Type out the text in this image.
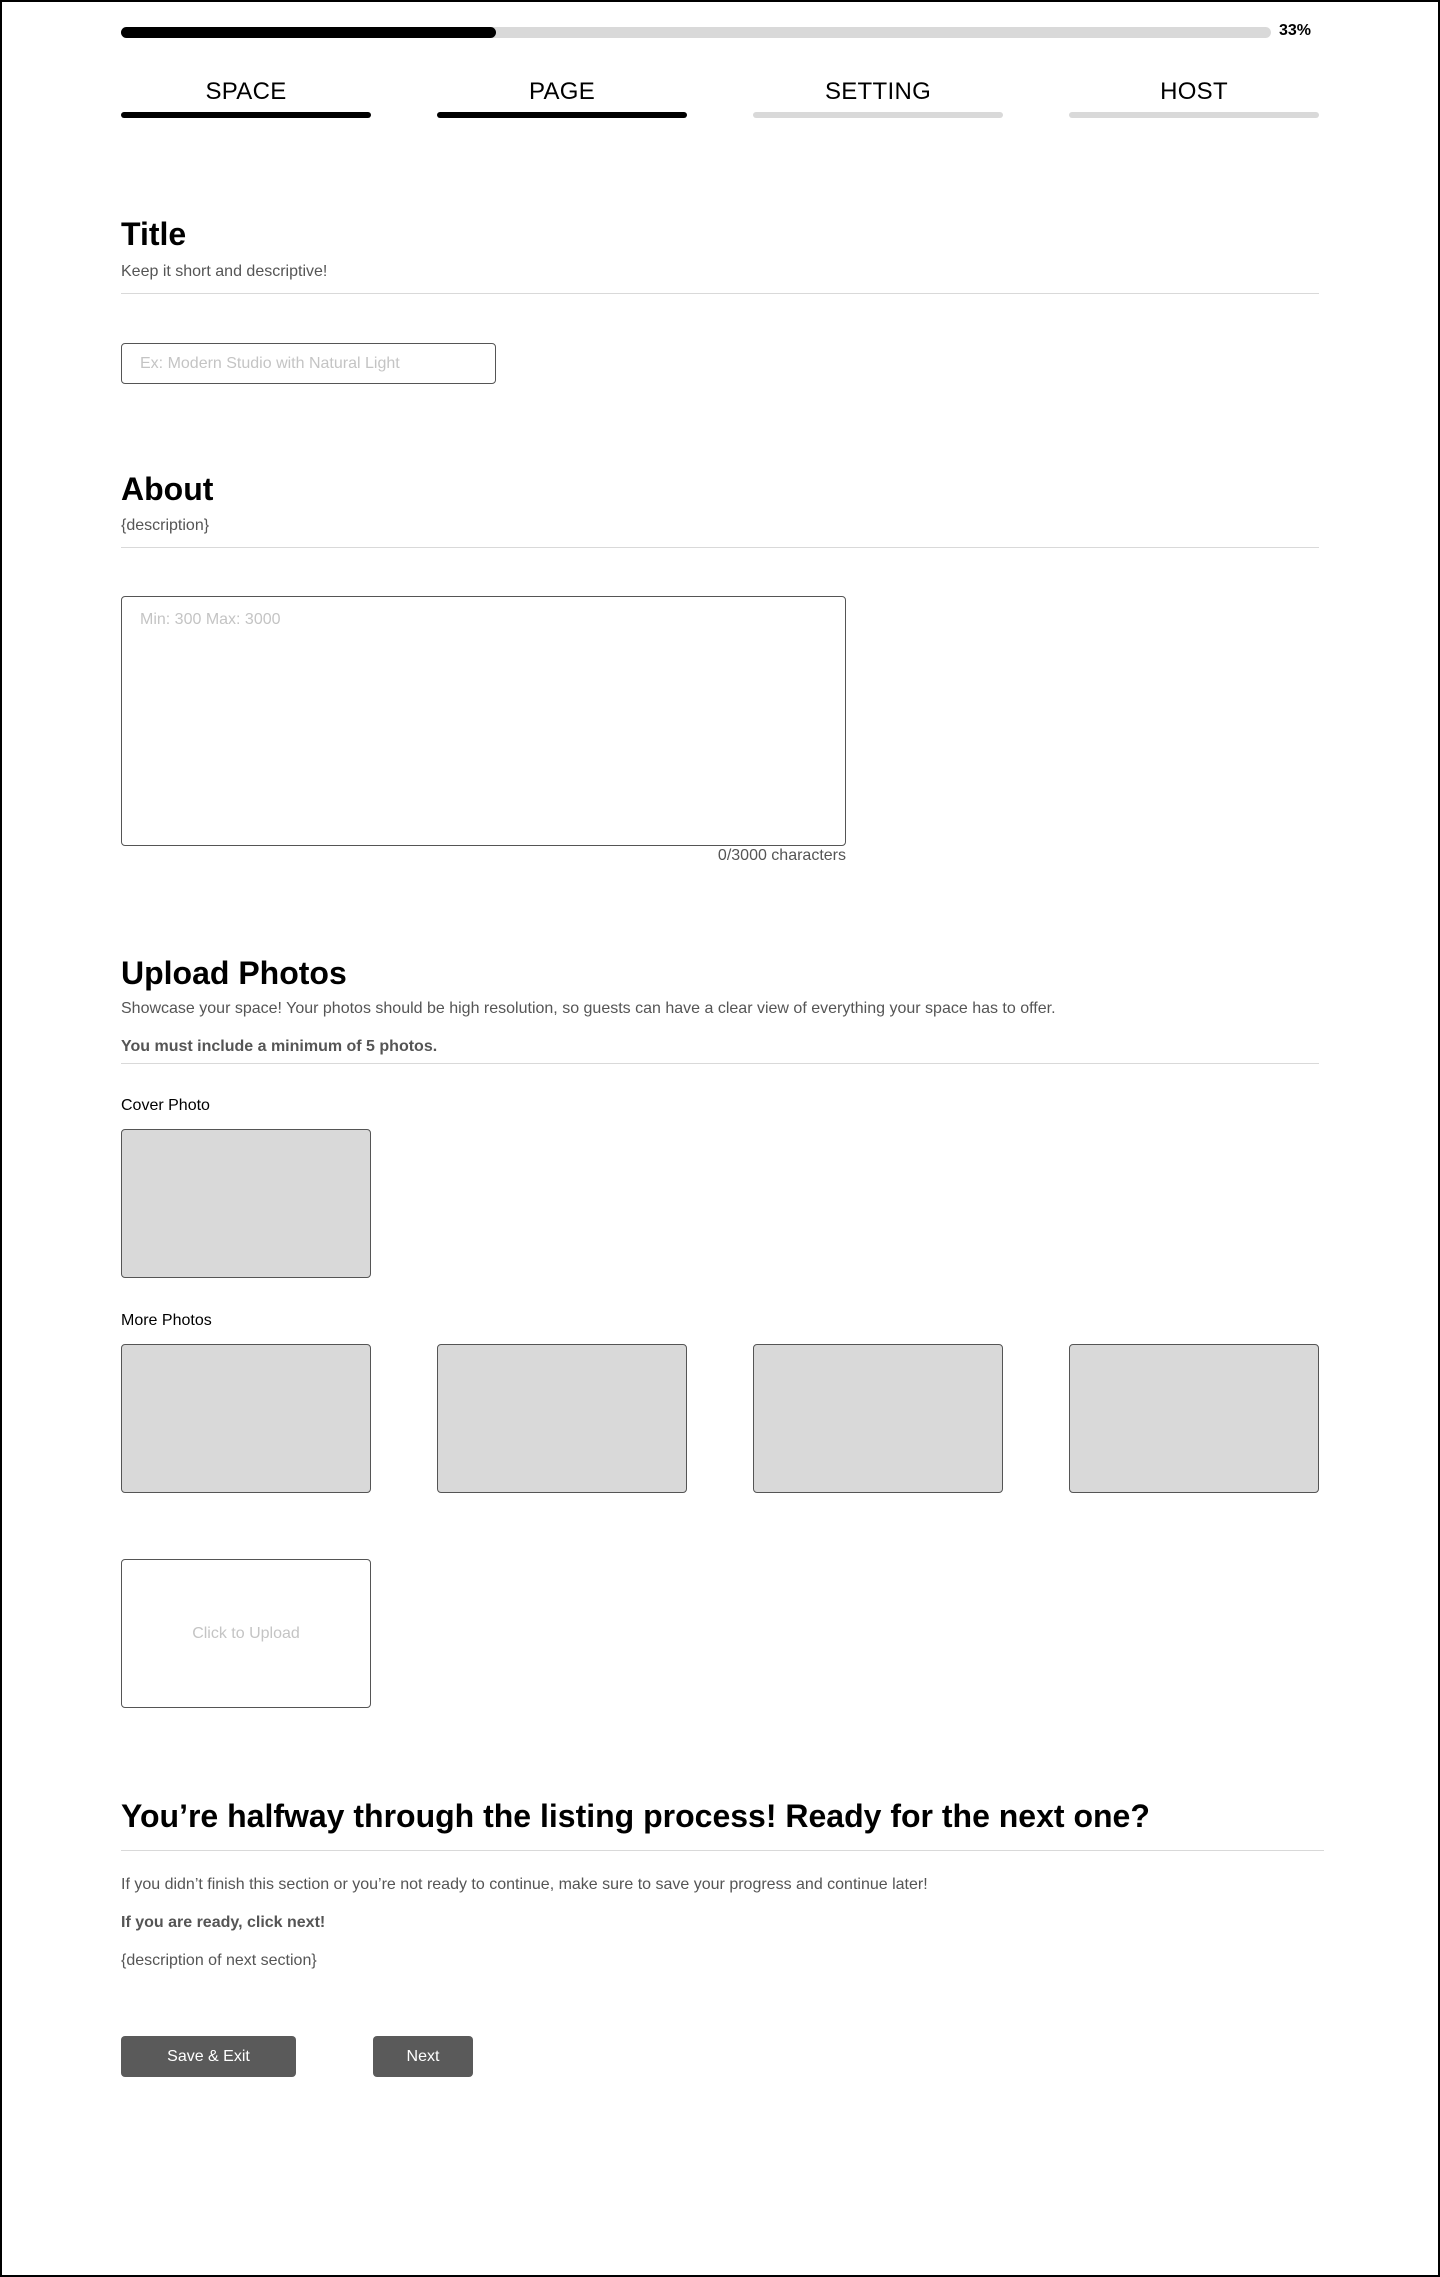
33%
SPACE	PAGE	SETTING	HOST
Title

Keep it short and descriptive!

Ex: Modern Studio with Natural Light
About

{description}

Min: 300 Max: 3000
0/3000 characters
Upload Photos

Showcase your space! Your photos should be high resolution, so guests can have a clear view of everything your space has to offer.

You must include a minimum of 5 photos.

Cover Photo
More Photos
Click to Upload
You’re halfway through the listing process! Ready for the next one?

If you didn’t finish this section or you’re not ready to continue, make sure to save your progress and continue later!

If you are ready, click next!

{description of next section}

Save & Exit	Next
